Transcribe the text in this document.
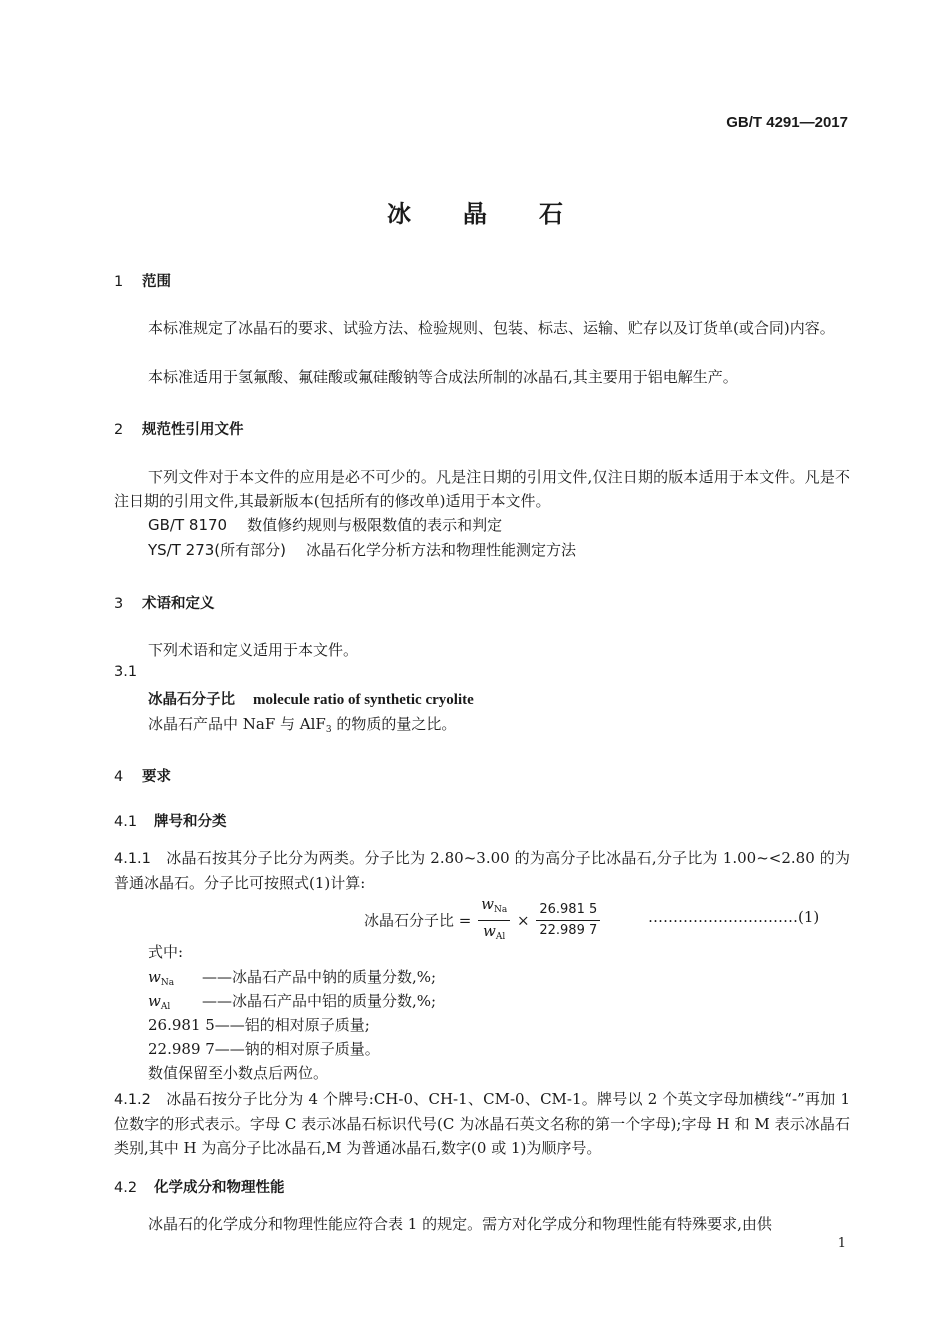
GB/T 4291—2017
冰晶石
1 范围
本标准规定了冰晶石的要求、试验方法、检验规则、包装、标志、运输、贮存以及订货单(或合同)内容。
本标准适用于氢氟酸、氟硅酸或氟硅酸钠等合成法所制的冰晶石,其主要用于铝电解生产。
2 规范性引用文件
下列文件对于本文件的应用是必不可少的。凡是注日期的引用文件,仅注日期的版本适用于本文件。凡是不注日期的引用文件,其最新版本(包括所有的修改单)适用于本文件。
GB/T 8170 数值修约规则与极限数值的表示和判定
YS/T 273(所有部分) 冰晶石化学分析方法和物理性能测定方法
3 术语和定义
下列术语和定义适用于本文件。
3.1
冰晶石分子比 molecule ratio of synthetic cryolite
冰晶石产品中 NaF 与 AlF$_3$ 的物质的量之比。
4 要求
4.1 牌号和分类
4.1.1 冰晶石按其分子比分为两类。分子比为 2.80~3.00 的为高分子比冰晶石,分子比为 1.00~<2.80 的为普通冰晶石。分子比可按照式(1)计算:
冰晶石分子比 = $\frac{w_{Na}}{w_{Al}} \times \frac{26.981 5}{22.989 7}$	…………………………(1)
式中:
$w_{Na}$ ——冰晶石产品中钠的质量分数,%;
$w_{Al}$ ——冰晶石产品中铝的质量分数,%;
26.981 5——铝的相对原子质量;
22.989 7——钠的相对原子质量。
数值保留至小数点后两位。
4.1.2 冰晶石按分子比分为 4 个牌号:CH-0、CH-1、CM-0、CM-1。牌号以 2 个英文字母加横线“-”再加 1 位数字的形式表示。字母 C 表示冰晶石标识代号(C 为冰晶石英文名称的第一个字母);字母 H 和 M 表示冰晶石类别,其中 H 为高分子比冰晶石,M 为普通冰晶石,数字(0 或 1)为顺序号。
4.2 化学成分和物理性能
冰晶石的化学成分和物理性能应符合表 1 的规定。需方对化学成分和物理性能有特殊要求,由供
1
